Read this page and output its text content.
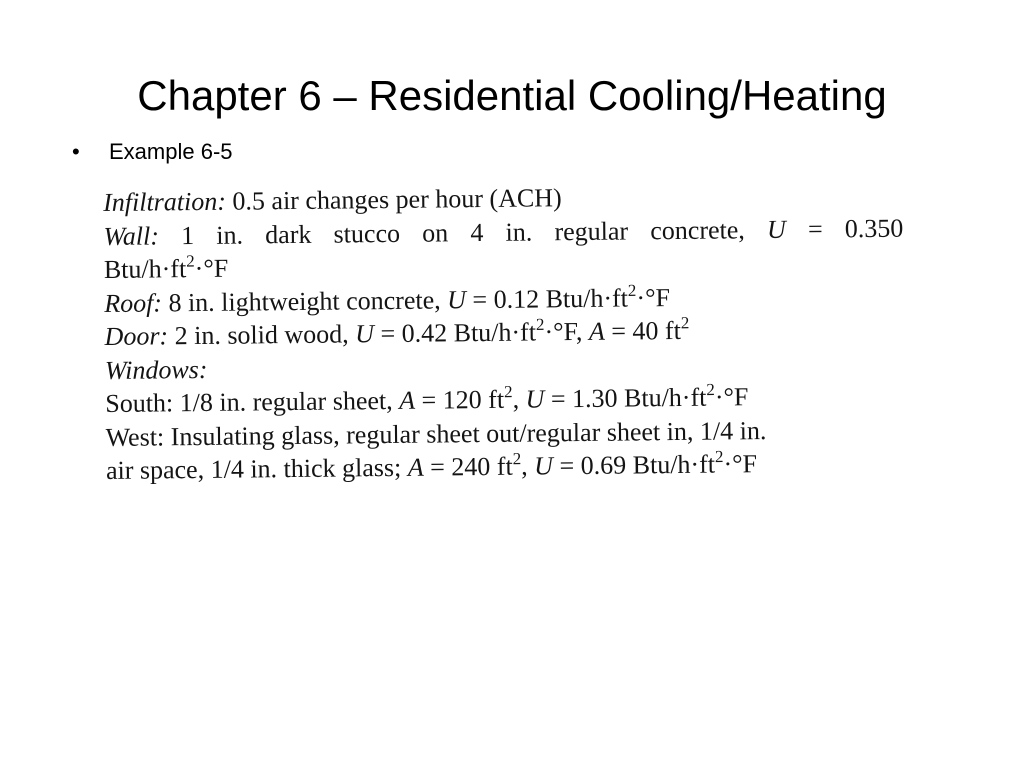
Chapter 6 – Residential Cooling/Heating
• Example 6-5
Infiltration: 0.5 air changes per hour (ACH)
Wall: 1 in. dark stucco on 4 in. regular concrete, U = 0.350
Btu/$h\cdot ft^2\cdot^\circ F$
Roof: 8 in. lightweight concrete, U = 0.12 Btu/$h\cdot ft^2\cdot^\circ F$
Door: 2 in. solid wood, U = 0.42 Btu/$h\cdot ft^2\cdot^\circ F$, A = 40 $ft^2$
Windows:
South: 1/8 in. regular sheet, A = 120 $ft^2$, U = 1.30 Btu/$h\cdot ft^2\cdot^\circ F$
West: Insulating glass, regular sheet out/regular sheet in, 1/4 in.
air space, 1/4 in. thick glass; A = 240 $ft^2$, U = 0.69 Btu/$h\cdot ft^2\cdot^\circ F$
